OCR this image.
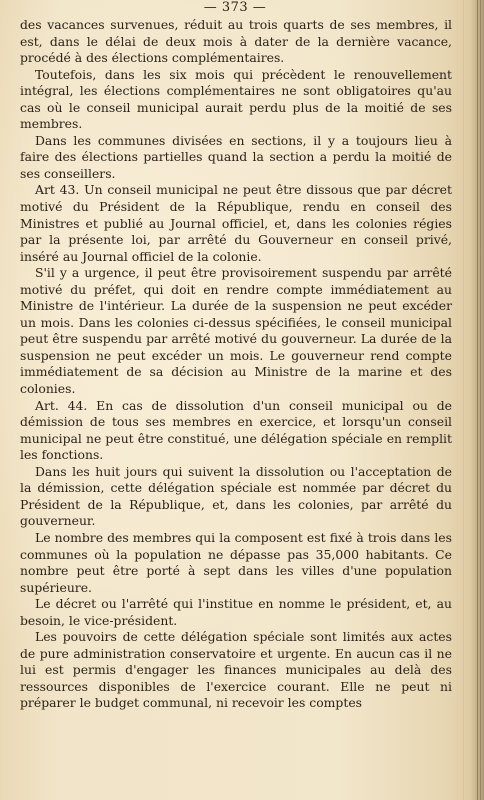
— 373 —

des vacances survenues, réduit au trois quarts de ses membres, il est, dans le délai de deux mois à dater de la dernière vacance, procédé à des élections complémentaires.

Toutefois, dans les six mois qui précèdent le renouvellement intégral, les élections complémentaires ne sont obligatoires qu'au cas où le conseil municipal aurait perdu plus de la moitié de ses membres.

Dans les communes divisées en sections, il y a toujours lieu à faire des élections partielles quand la section a perdu la moitié de ses conseillers.

Art 43. Un conseil municipal ne peut être dissous que par décret motivé du Président de la République, rendu en conseil des Ministres et publié au Journal officiel, et, dans les colonies régies par la présente loi, par arrêté du Gouverneur en conseil privé, inséré au Journal officiel de la colonie.

S'il y a urgence, il peut être provisoirement suspendu par arrêté motivé du préfet, qui doit en rendre compte immédiatement au Ministre de l'intérieur. La durée de la suspension ne peut excéder un mois. Dans les colonies ci-dessus spécifiées, le conseil municipal peut être suspendu par arrêté motivé du gouverneur. La durée de la suspension ne peut excéder un mois. Le gouverneur rend compte immédiatement de sa décision au Ministre de la marine et des colonies.

Art. 44. En cas de dissolution d'un conseil municipal ou de démission de tous ses membres en exercice, et lorsqu'un conseil municipal ne peut être constitué, une délégation spéciale en remplit les fonctions.

Dans les huit jours qui suivent la dissolution ou l'acceptation de la démission, cette délégation spéciale est nommée par décret du Président de la République, et, dans les colonies, par arrêté du gouverneur.

Le nombre des membres qui la composent est fixé à trois dans les communes où la population ne dépasse pas 35,000 habitants. Ce nombre peut être porté à sept dans les villes d'une population supérieure.

Le décret ou l'arrêté qui l'institue en nomme le président, et, au besoin, le vice-président.

Les pouvoirs de cette délégation spéciale sont limités aux actes de pure administration conservatoire et urgente. En aucun cas il ne lui est permis d'engager les finances municipales au delà des ressources disponibles de l'exercice courant. Elle ne peut ni préparer le budget communal, ni recevoir les comptes
